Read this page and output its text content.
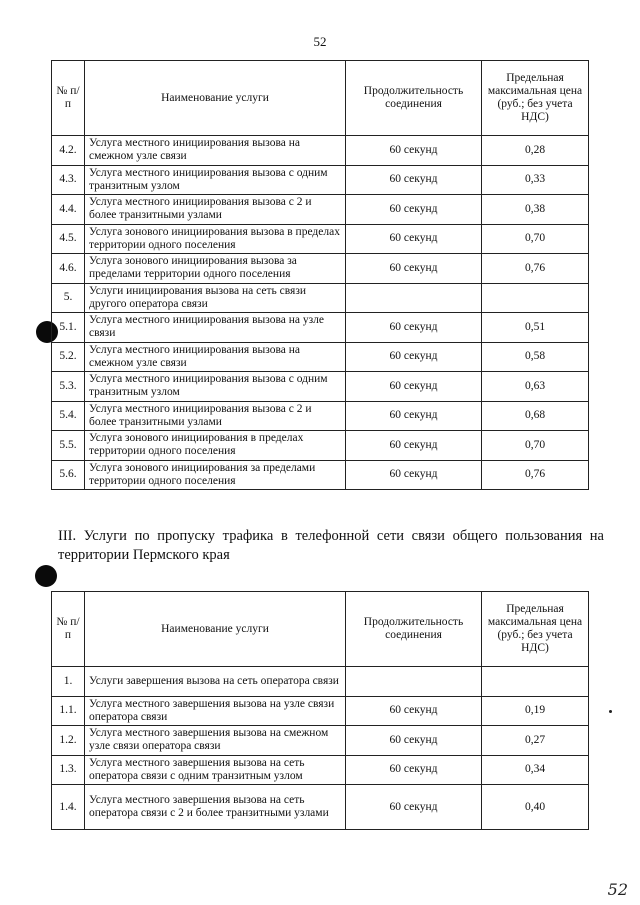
52
№ п/п	Наименование услуги	Продолжительность соединения	Предельная максимальная цена (руб.; без учета НДС)
4.2.	Услуга местного инициирования вызова на смежном узле связи	60 секунд	0,28
4.3.	Услуга местного инициирования вызова с одним транзитным узлом	60 секунд	0,33
4.4.	Услуга местного инициирования вызова с 2 и более транзитными узлами	60 секунд	0,38
4.5.	Услуга зонового инициирования вызова в пределах территории одного поселения	60 секунд	0,70
4.6.	Услуга зонового инициирования вызова за пределами территории одного поселения	60 секунд	0,76
5.	Услуги инициирования вызова на сеть связи другого оператора связи		
5.1.	Услуга местного инициирования вызова на узле связи	60 секунд	0,51
5.2.	Услуга местного инициирования вызова на смежном узле связи	60 секунд	0,58
5.3.	Услуга местного инициирования вызова с одним транзитным узлом	60 секунд	0,63
5.4.	Услуга местного инициирования вызова с 2 и более транзитными узлами	60 секунд	0,68
5.5.	Услуга зонового инициирования в пределах территории одного поселения	60 секунд	0,70
5.6.	Услуга зонового инициирования за пределами территории одного поселения	60 секунд	0,76
III. Услуги по пропуску трафика в телефонной сети связи общего пользования на территории Пермского края
№ п/п	Наименование услуги	Продолжительность соединения	Предельная максимальная цена (руб.; без учета НДС)
1.	Услуги завершения вызова на сеть оператора связи		
1.1.	Услуга местного завершения вызова на узле связи оператора связи	60 секунд	0,19
1.2.	Услуга местного завершения вызова на смежном узле связи оператора связи	60 секунд	0,27
1.3.	Услуга местного завершения вызова на сеть оператора связи с одним транзитным узлом	60 секунд	0,34
1.4.	Услуга местного завершения вызова на сеть оператора связи с 2 и более транзитными узлами	60 секунд	0,40
52
